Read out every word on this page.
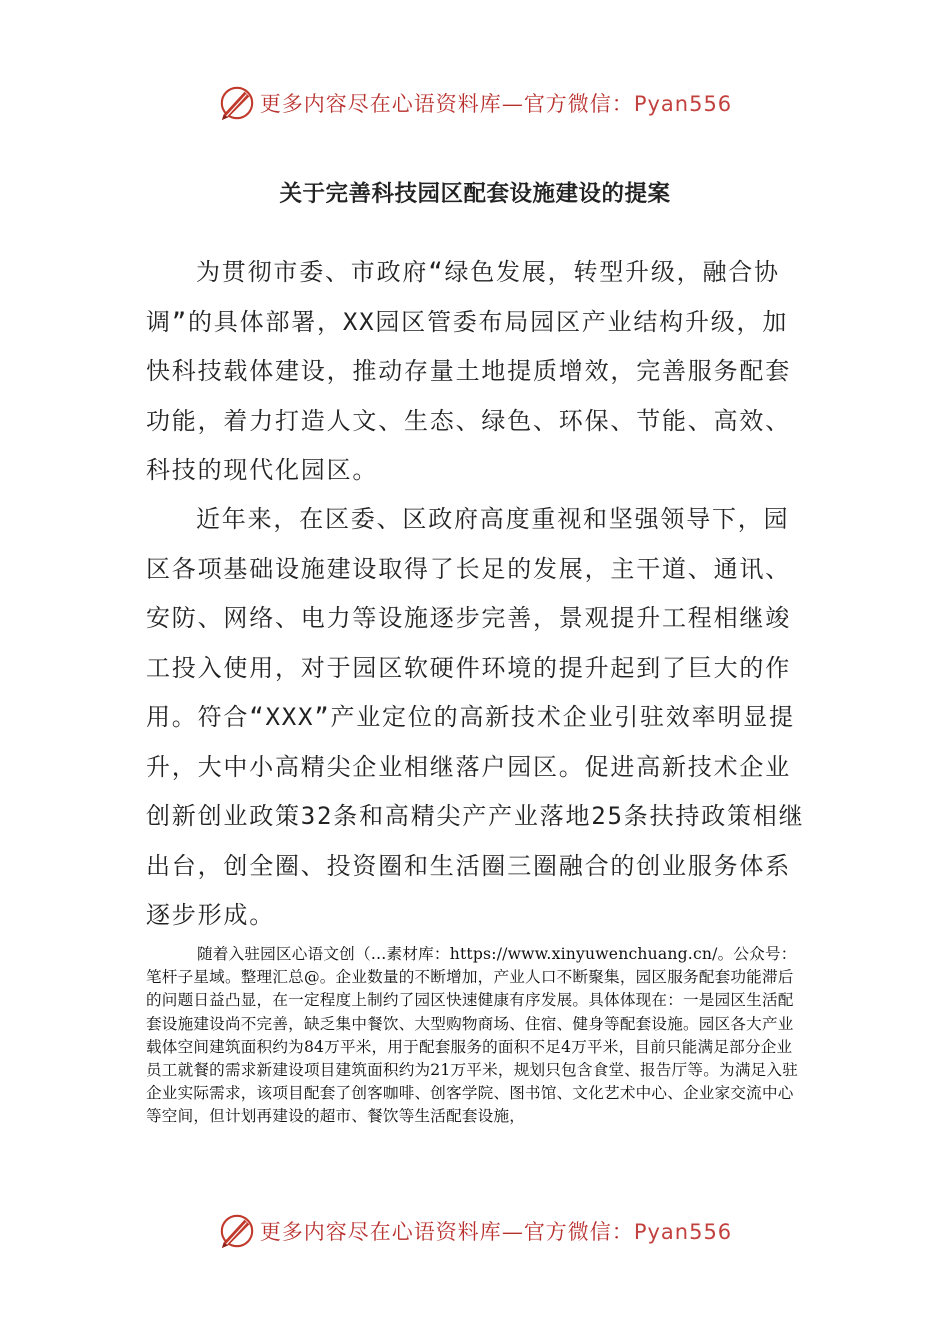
更多内容尽在心语资料库—官方微信：Pyan556
关于完善科技园区配套设施建设的提案

为贯彻市委、市政府“绿色发展，转型升级，融合协调”的具体部署，XX园区管委布局园区产业结构升级，加快科技载体建设，推动存量土地提质增效，完善服务配套功能，着力打造人文、生态、绿色、环保、节能、高效、科技的现代化园区。

近年来，在区委、区政府高度重视和坚强领导下，园区各项基础设施建设取得了长足的发展，主干道、通讯、安防、网络、电力等设施逐步完善，景观提升工程相继竣工投入使用，对于园区软硬件环境的提升起到了巨大的作用。符合“XXX”产业定位的高新技术企业引驻效率明显提升，大中小高精尖企业相继落户园区。促进高新技术企业创新创业政策32条和高精尖产产业落地25条扶持政策相继出台，创全圈、投资圈和生活圈三圈融合的创业服务体系逐步形成。

随着入驻园区心语文创（…素材库：https://www.xinyuwenchuang.cn/。公众号：笔杆子星域。整理汇总@。企业数量的不断增加，产业人口不断聚集，园区服务配套功能滞后的问题日益凸显，在一定程度上制约了园区快速健康有序发展。具体体现在：一是园区生活配套设施建设尚不完善，缺乏集中餐饮、大型购物商场、住宿、健身等配套设施。园区各大产业载体空间建筑面积约为84万平米，用于配套服务的面积不足4万平米，目前只能满足部分企业员工就餐的需求新建设项目建筑面积约为21万平米，规划只包含食堂、报告厅等。为满足入驻企业实际需求，该项目配套了创客咖啡、创客学院、图书馆、文化艺术中心、企业家交流中心等空间，但计划再建设的超市、餐饮等生活配套设施，

更多内容尽在心语资料库—官方微信：Pyan556
